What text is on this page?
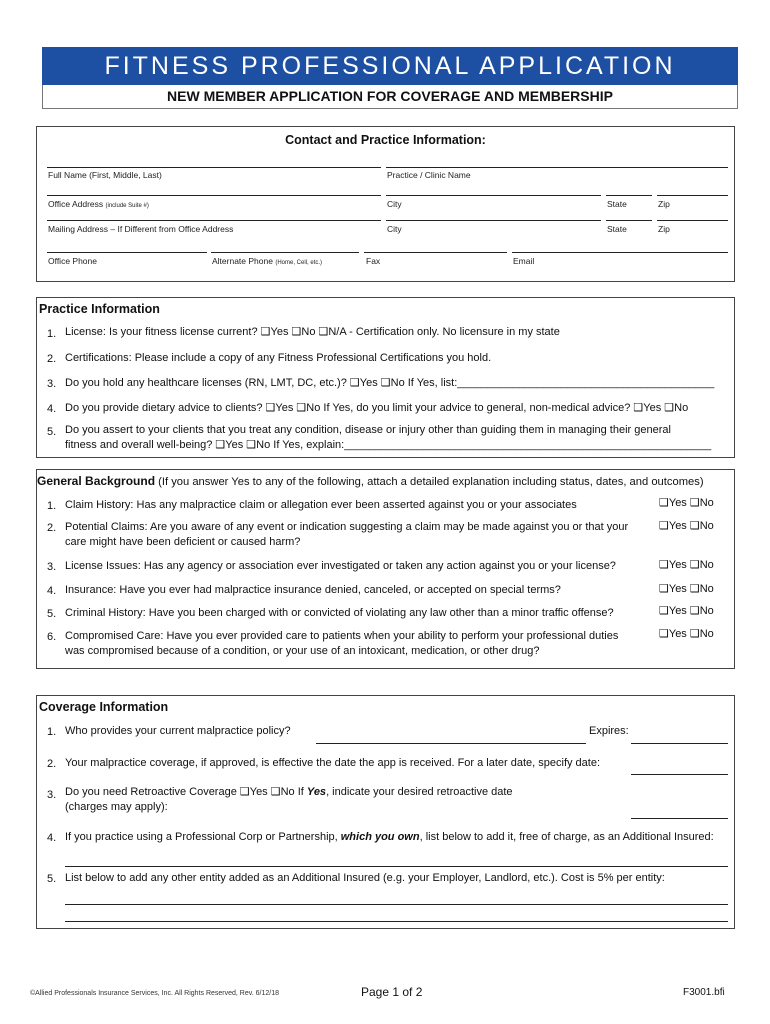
FITNESS PROFESSIONAL APPLICATION
NEW MEMBER APPLICATION FOR COVERAGE AND MEMBERSHIP
Contact and Practice Information:
Full Name (First, Middle, Last)	Practice / Clinic Name
Office Address (include Suite #)	City	State	Zip
Mailing Address – If Different from Office Address	City	State	Zip
Office Phone	Alternate Phone (Home, Cell, etc.)	Fax	Email
Practice Information
1. License: Is your fitness license current? ❑Yes ❑No ❑N/A - Certification only. No licensure in my state
2. Certifications: Please include a copy of any Fitness Professional Certifications you hold.
3. Do you hold any healthcare licenses (RN, LMT, DC, etc.)? ❑Yes ❑No If Yes, list:__________________________________________
4. Do you provide dietary advice to clients? ❑Yes ❑No If Yes, do you limit your advice to general, non-medical advice? ❑Yes ❑No
5. Do you assert to your clients that you treat any condition, disease or injury other than guiding them in managing their general
fitness and overall well-being? ❑Yes ❑No If Yes, explain:____________________________________________________________
General Background (If you answer Yes to any of the following, attach a detailed explanation including status, dates, and outcomes)
1. Claim History: Has any malpractice claim or allegation ever been asserted against you or your associates	❑Yes ❑No
2. Potential Claims: Are you aware of any event or indication suggesting a claim may be made against you or that your
care might have been deficient or caused harm?
❑Yes ❑No
3. License Issues: Has any agency or association ever investigated or taken any action against you or your license?	❑Yes ❑No
4. Insurance: Have you ever had malpractice insurance denied, canceled, or accepted on special terms?	❑Yes ❑No
5. Criminal History: Have you been charged with or convicted of violating any law other than a minor traffic offense?	❑Yes ❑No
6. Compromised Care: Have you ever provided care to patients when your ability to perform your professional duties
was compromised because of a condition, or your use of an intoxicant, medication, or other drug?
❑Yes ❑No
Coverage Information
1. Who provides your current malpractice policy?	Expires:
2. Your malpractice coverage, if approved, is effective the date the app is received. For a later date, specify date:
3. Do you need Retroactive Coverage ❑Yes ❑No If Yes, indicate your desired retroactive date
(charges may apply):
4. If you practice using a Professional Corp or Partnership, which you own, list below to add it, free of charge, as an Additional Insured:
5. List below to add any other entity added as an Additional Insured (e.g. your Employer, Landlord, etc.). Cost is 5% per entity:
©Allied Professionals Insurance Services, Inc. All Rights Reserved, Rev. 6/12/18	Page 1 of 2	F3001.bfi
